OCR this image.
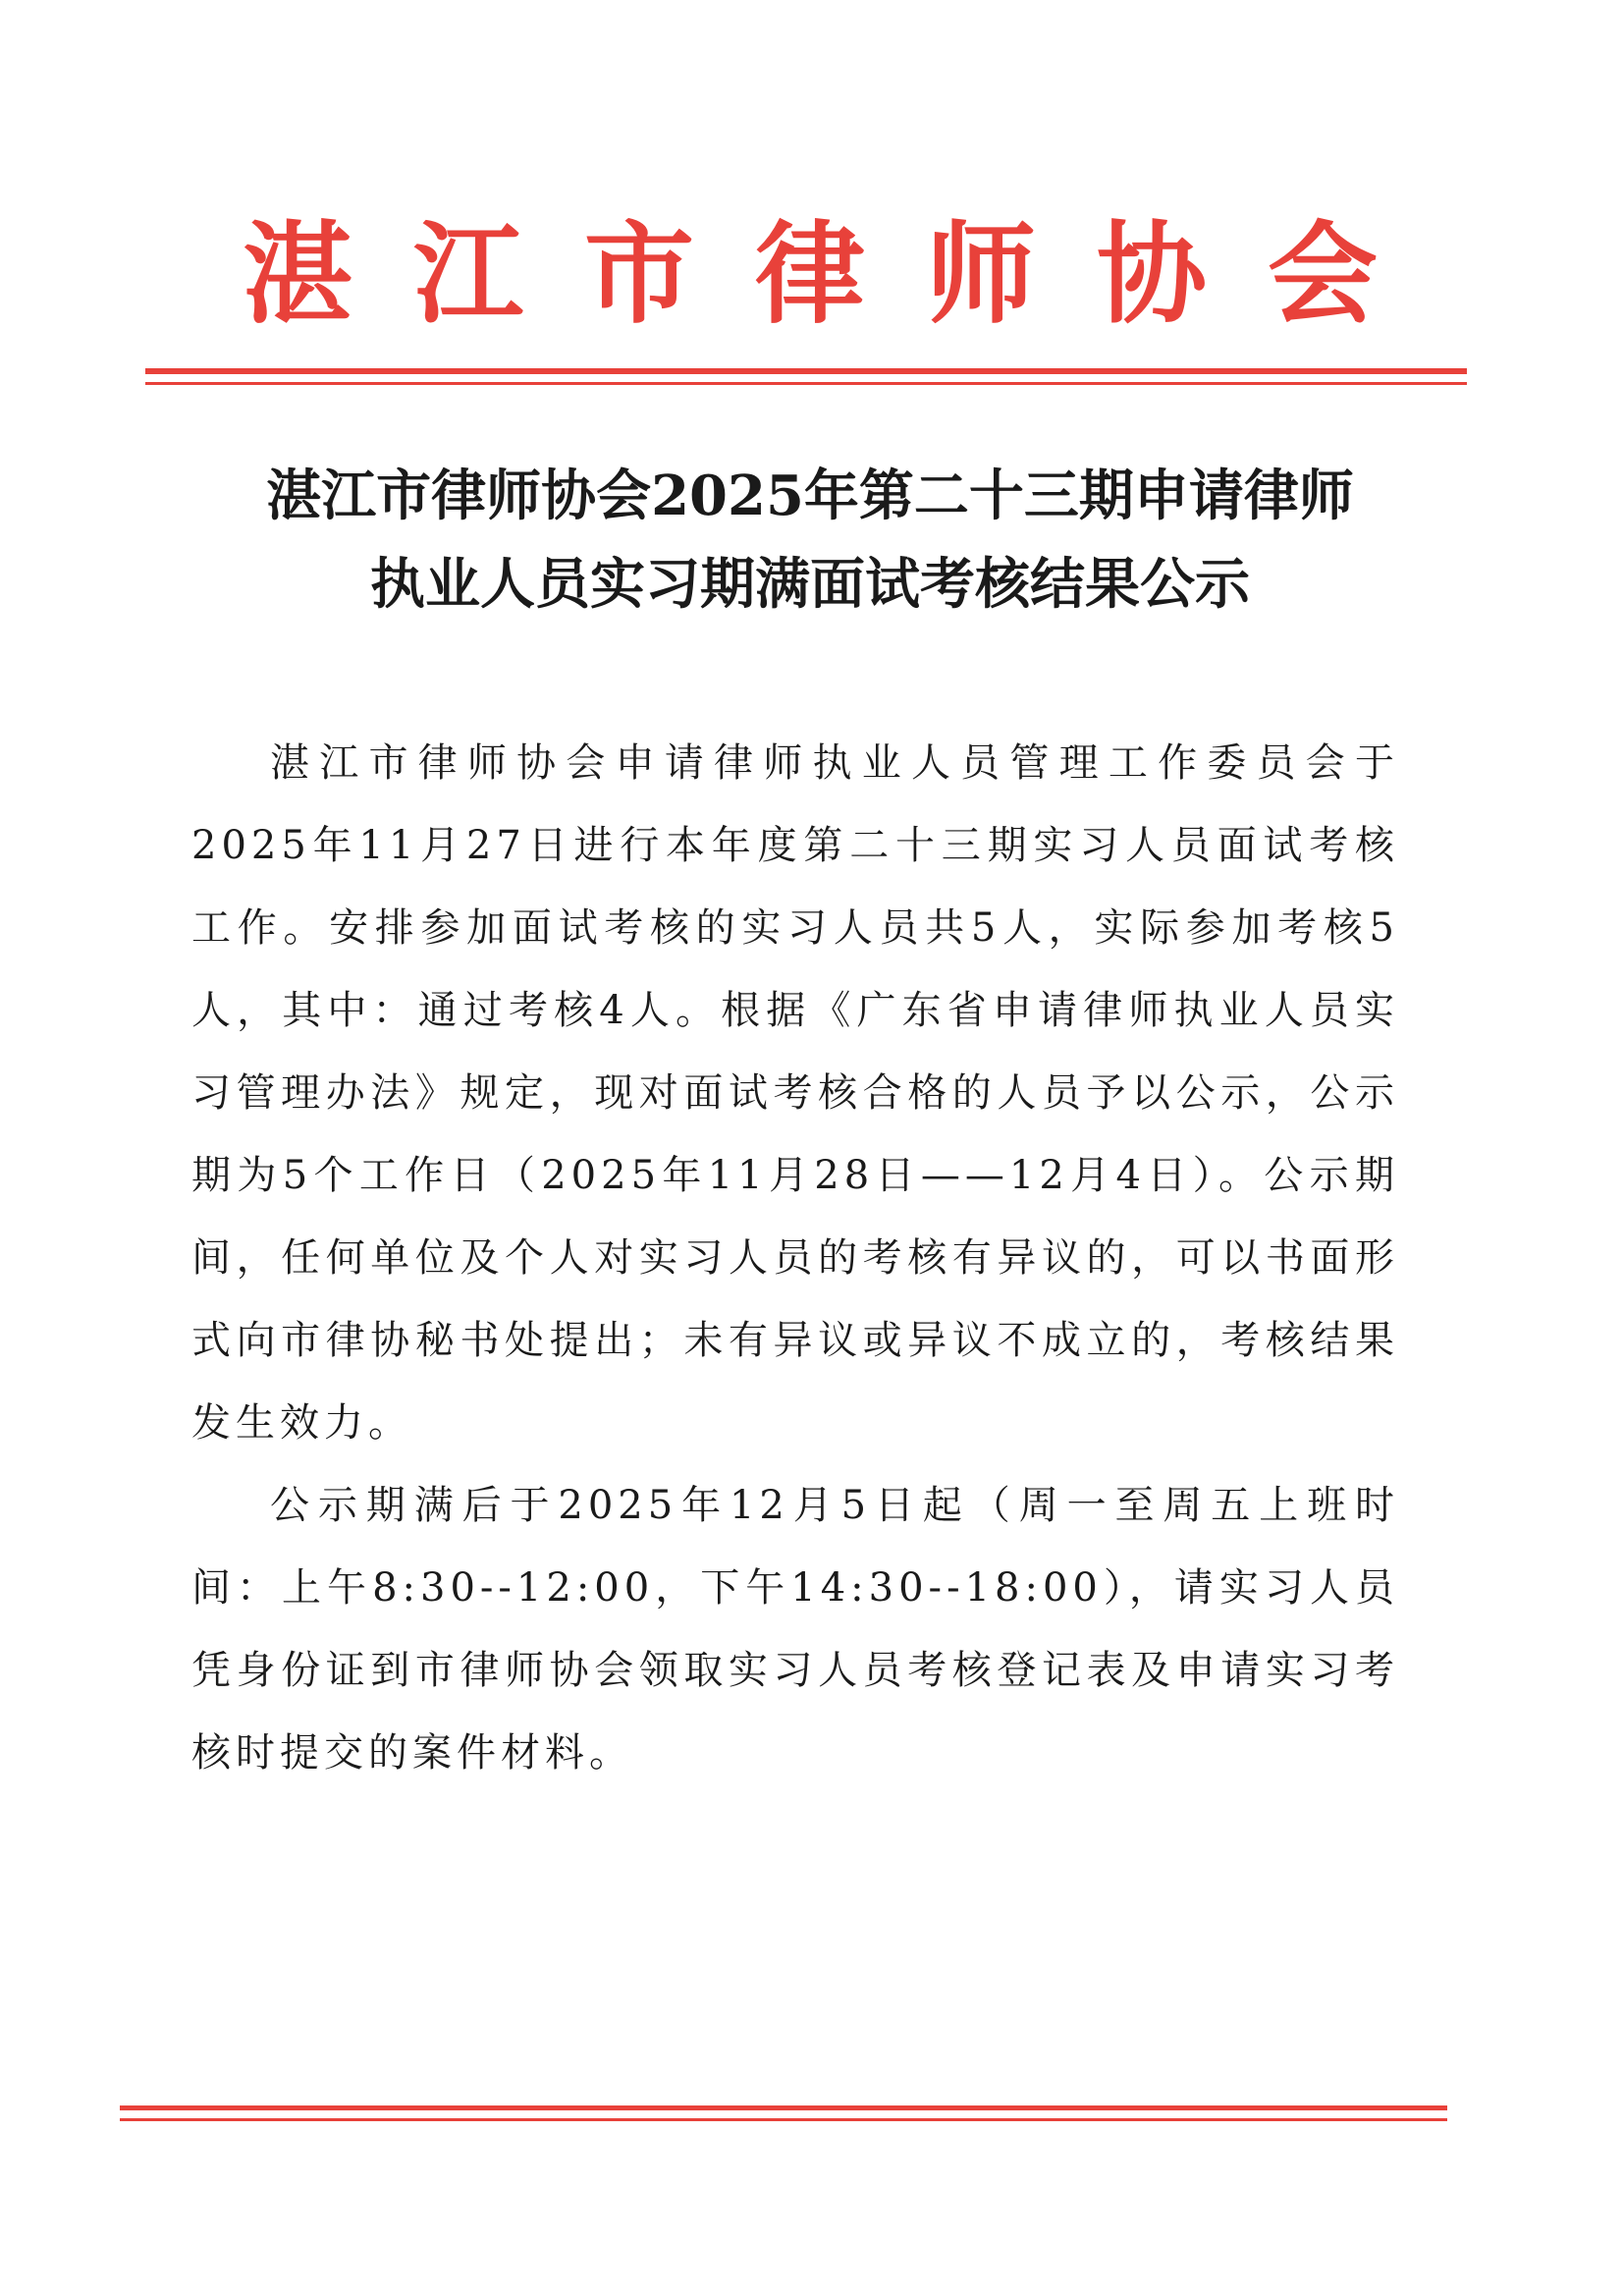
湛江市律师协会
湛江市律师协会2025年第二十三期申请律师
执业人员实习期满面试考核结果公示

湛江市律师协会申请律师执业人员管理工作委员会于2025年11月27日进行本年度第二十三期实习人员面试考核工作。安排参加面试考核的实习人员共5人，实际参加考核5人，其中：通过考核4人。根据《广东省申请律师执业人员实习管理办法》规定，现对面试考核合格的人员予以公示，公示期为5个工作日（2025年11月28日——12月4日）。公示期间，任何单位及个人对实习人员的考核有异议的，可以书面形式向市律协秘书处提出；未有异议或异议不成立的，考核结果发生效力。

公示期满后于2025年12月5日起（周一至周五上班时间：上午8:30--12:00，下午14:30--18:00），请实习人员凭身份证到市律师协会领取实习人员考核登记表及申请实习考核时提交的案件材料。
